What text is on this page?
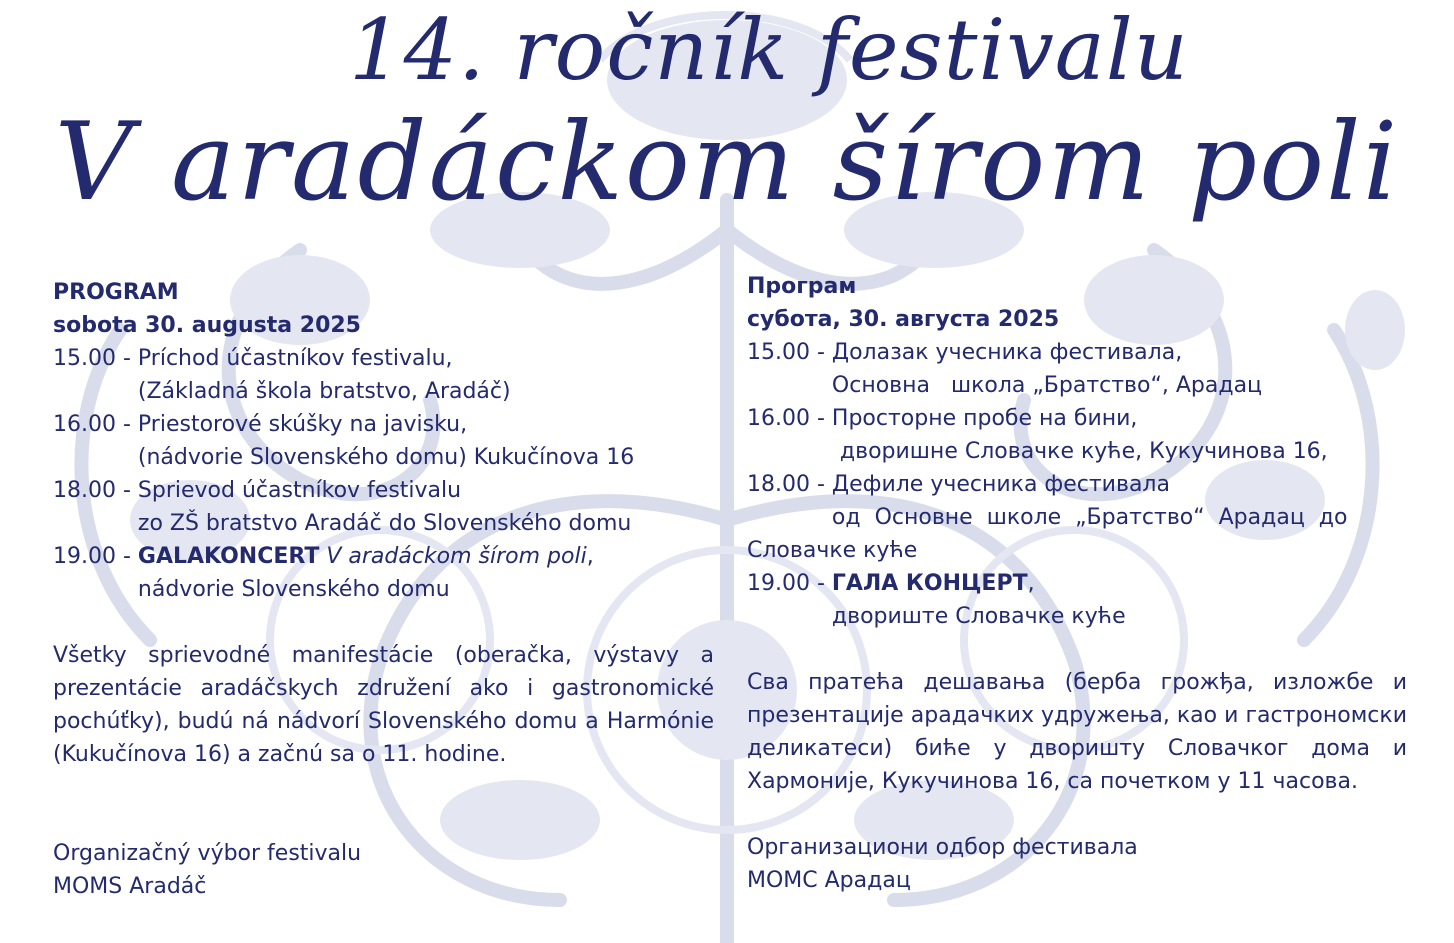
14. ročník festivalu
V aradáckom šírom poli
PROGRAM
sobota 30. augusta 2025
15.00 - Príchod účastníkov festivalu,
(Základná škola bratstvo, Aradáč)
16.00 - Priestorové skúšky na javisku,
(nádvorie Slovenského domu) Kukučínova 16
18.00 - Sprievod účastníkov festivalu
zo ZŠ bratstvo Aradáč do Slovenského domu
19.00 - GALAKONCERT V aradáckom šírom poli,
nádvorie Slovenského domu
Všetky sprievodné manifestácie (oberačka, výstavy a prezentácie aradáčskych združení ako i gastronomické pochúťky), budú ná nádvorí Slovenského domu a Harmónie (Kukučínova 16) a začnú sa o 11. hodine.
Organizačný výbor festivalu
MOMS Aradáč
Програм
субота, 30. августа 2025
15.00 - Долазак учесника фестивала,
Основна   школа „Братство“, Арадац
16.00 - Просторне пробе на бини,
дворишне Словачке куће, Кукучинова 16,
18.00 - Дефиле учесника фестивала
од  Основне  школе  „Братство“  Арадац  до
Словачке куће
19.00 - ГАЛА КОНЦЕРТ,
двориште Словачке куће
Сва пратећа дешавања (берба грожђа, изложбе и презентације арадачких удружења, као и гастрономски деликатеси) биће у дворишту Словачког дома и Хармоније, Кукучинова 16, са почетком у 11 часова.
Организациони одбор фестивала
МОМС Арадац
